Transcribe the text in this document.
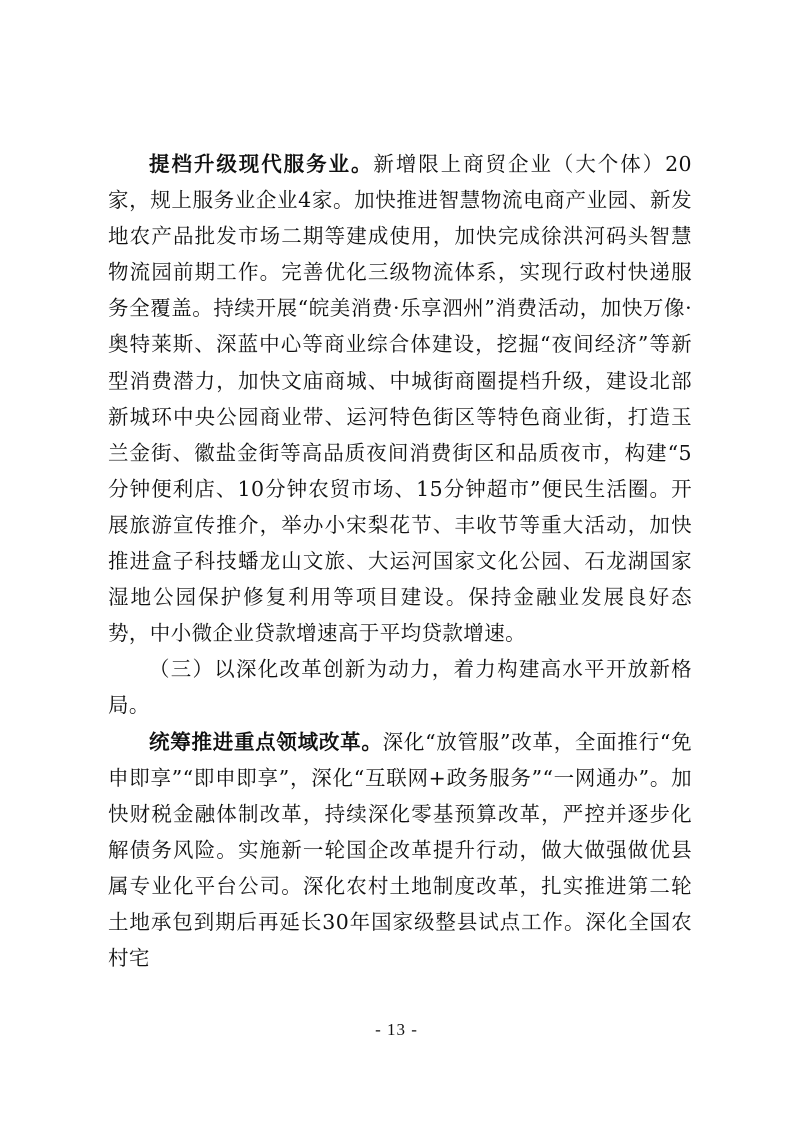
提档升级现代服务业。新增限上商贸企业（大个体）20家，规上服务业企业4家。加快推进智慧物流电商产业园、新发地农产品批发市场二期等建成使用，加快完成徐洪河码头智慧物流园前期工作。完善优化三级物流体系，实现行政村快递服务全覆盖。持续开展“皖美消费·乐享泗州”消费活动，加快万像·奥特莱斯、深蓝中心等商业综合体建设，挖掘“夜间经济”等新型消费潜力，加快文庙商城、中城街商圈提档升级，建设北部新城环中央公园商业带、运河特色街区等特色商业街，打造玉兰金街、徽盐金街等高品质夜间消费街区和品质夜市，构建“5分钟便利店、10分钟农贸市场、15分钟超市”便民生活圈。开展旅游宣传推介，举办小宋梨花节、丰收节等重大活动，加快推进盒子科技蟠龙山文旅、大运河国家文化公园、石龙湖国家湿地公园保护修复利用等项目建设。保持金融业发展良好态势，中小微企业贷款增速高于平均贷款增速。

（三）以深化改革创新为动力，着力构建高水平开放新格局。

统筹推进重点领域改革。深化“放管服”改革，全面推行“免申即享”“即申即享”，深化“互联网+政务服务”“一网通办”。加快财税金融体制改革，持续深化零基预算改革，严控并逐步化解债务风险。实施新一轮国企改革提升行动，做大做强做优县属专业化平台公司。深化农村土地制度改革，扎实推进第二轮土地承包到期后再延长30年国家级整县试点工作。深化全国农村宅

- 13 -
